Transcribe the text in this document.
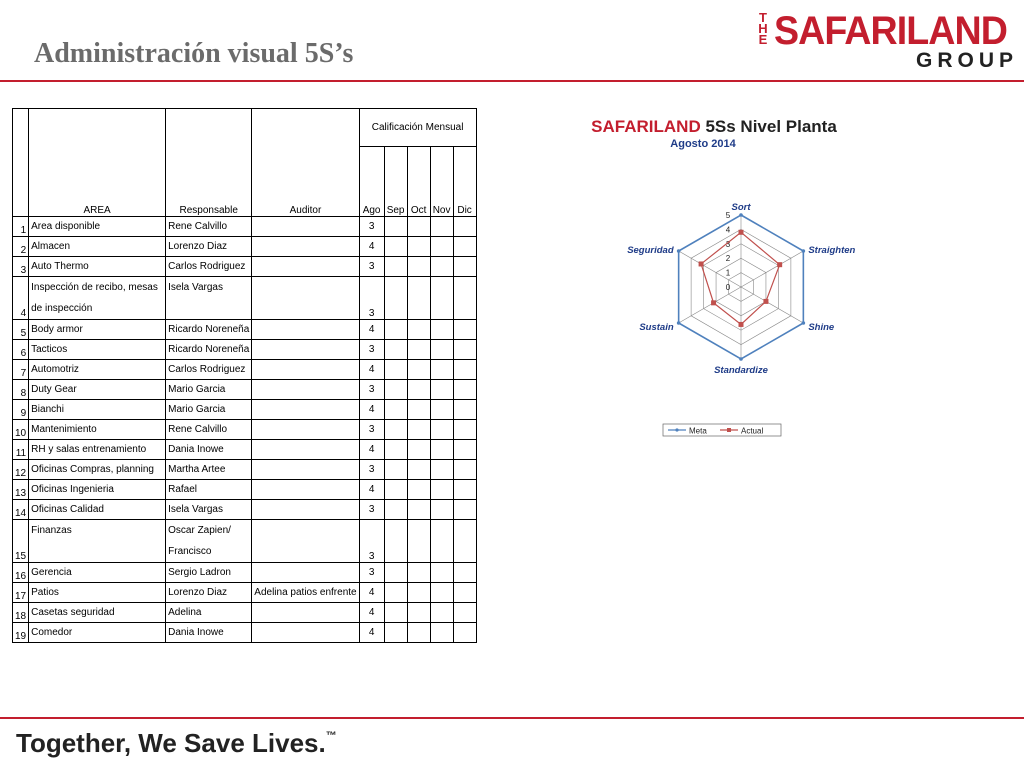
Administración visual 5S’s
T
H
E SAFARILAND
GROUP
	AREA	Responsable	Auditor	Calificación Mensual				
				Ago	Sep	Oct	Nov	Dic
1	Area disponible	Rene Calvillo		3				
2	Almacen	Lorenzo Diaz		4				
3	Auto Thermo	Carlos Rodriguez		3				
4	Inspección de recibo, mesas de inspección	Isela Vargas		3				
5	Body armor	Ricardo Noreneña		4				
6	Tacticos	Ricardo Noreneña		3				
7	Automotriz	Carlos Rodriguez		4				
8	Duty Gear	Mario Garcia		3				
9	Bianchi	Mario Garcia		4				
10	Mantenimiento	Rene Calvillo		3				
11	RH y salas entrenamiento	Dania Inowe		4				
12	Oficinas Compras, planning	Martha Artee		3				
13	Oficinas Ingenieria	Rafael		4				
14	Oficinas Calidad	Isela Vargas		3				
15	Finanzas	Oscar Zapien/ Francisco		3				
16	Gerencia	Sergio Ladron		3				
17	Patios	Lorenzo Diaz	Adelina patios enfrente	4				
18	Casetas seguridad	Adelina		4				
19	Comedor	Dania Inowe		4				
SAFARILAND 5Ss Nivel Planta
Agosto 2014
0
1
2
3
4
5
Sort
Straighten
Shine
Standardize
Sustain
Seguridad
Meta	Actual
Together, We Save Lives.™
